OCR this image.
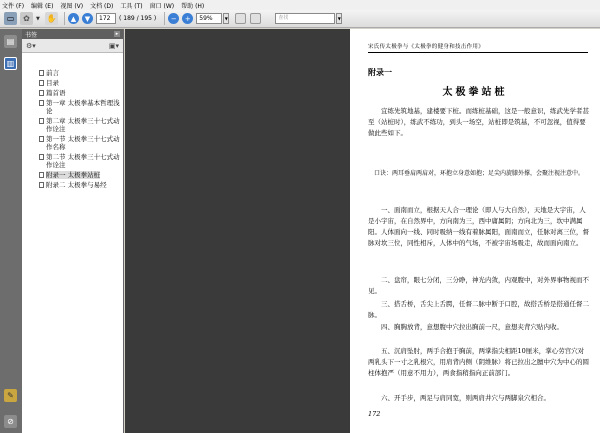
文件 (F) 编辑 (E) 视图 (V) 文档 (D) 工具 (T) 窗口 (W) 帮助 (H)
▭	✿	▼ ✋	▲	▼	172	( 189 / 195 )	−	+	59%	▼	查找	▼
▤
▥
✎
⊘
书签	▸
⚙▾	▣▾
前言
目录
篇首语
第一章 太极拳基本哲理浅论
第二章 太极拳三十七式动作诠注
第一节 太极拳三十七式动作名称
第二节 太极拳三十七式动作诠注
附录一 太极拳站桩
附录二 太极拳与易经
宋氏传太极拳与《太极拳的健身和技击作用》
附录一
太极拳站桩
宜练先筑地基，建楼要下桩。而练桩基础，这是一般意识，练武先学者甚至（站桩时），练武不练功，到头一场空，站桩即是筑基，不可忽视，值得要做此些如下。
口诀：两耳垂肩两肩对，环抱立身意如抱；足尖内旋膝外撑，会聚注视注意中。
一、面南而立，根据天人合一理论（即人与大自然），天地是大宇宙，人是小宇宙，在自然界中，方向南为三，西中庸属阴；方向北为三，坎中满属阳。人体面向一线、同时吸纳一线有着脉属阳，面南而立，任脉对离三位，督脉对坎三位，同性相斥，人体中的气场，不被宇宙场吸走，故而面向南立。
二、盘帘，眼七分闭，三分睁，神光内敛，内观腹中，对外界事物视而不见。
三、搭舌桥，舌尖上舌腭，任督二脉中断于口腔，故搭舌桥是搭通任督二脉。
四、胸胸放背，意想腹中穴拉出胸前一尺，意想夹背穴贴内收。
五、沉肩坠肘，两手合抱于胸前，两掌指尖相距10厘米，掌心劳宫穴对两乳头下一寸之乳根穴，用肩背内侧（阴维脉）将已拉出之膻中穴为中心的圆柱体抱严（用意不用力），两食指稍指向正前部门。
六、开手步，两足与肩同宽，则两肩井穴与两脚泉穴相合。
172
